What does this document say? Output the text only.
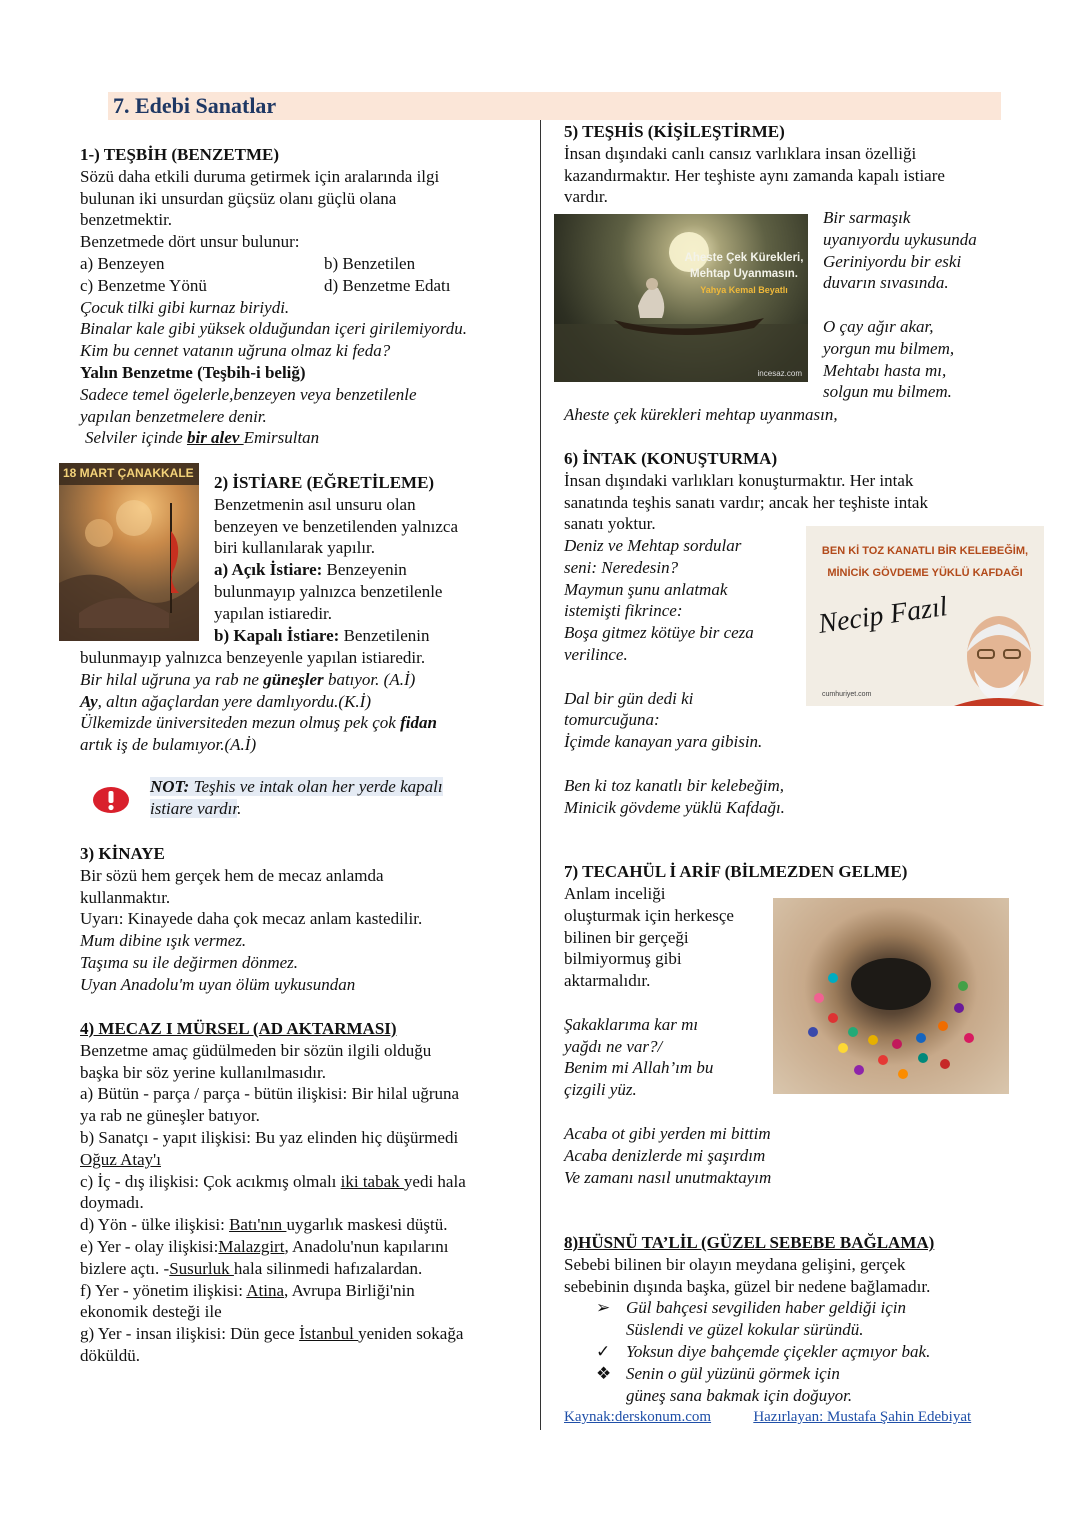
7. Edebi Sanatlar

1-) TEŞBİH (BENZETME)

Sözü daha etkili duruma getirmek için aralarında ilgi

bulunan iki unsurdan güçsüz olanı güçlü olana

benzetmektir.

Benzetmede dört unsur bulunur:

a) Benzeyen	b) Benzetilen

c) Benzetme Yönü	d) Benzetme Edatı

Çocuk tilki gibi kurnaz biriydi.

Binalar kale gibi yüksek olduğundan içeri girilemiyordu.

Kim bu cennet vatanın uğruna olmaz ki feda?

Yalın Benzetme (Teşbih-i beliğ)

Sadece temel ögelerle,benzeyen veya benzetilenle

yapılan benzetmelere denir.

Selviler içinde bir alev Emirsultan

18 MART ÇANAKKALE 2) İSTİARE (EĞRETİLEME)

Benzetmenin asıl unsuru olan

benzeyen ve benzetilenden yalnızca

biri kullanılarak yapılır.

a) Açık İstiare: Benzeyenin

bulunmayıp yalnızca benzetilenle

yapılan istiaredir.

b) Kapalı İstiare: Benzetilenin

bulunmayıp yalnızca benzeyenle yapılan istiaredir.

Bir hilal uğruna ya rab ne güneşler batıyor. (A.İ)

Ay, altın ağaçlardan yere damlıyordu.(K.İ)

Ülkemizde üniversiteden mezun olmuş pek çok fidan

artık iş de bulamıyor.(A.İ)

NOT: Teşhis ve intak olan her yerde kapalı

istiare vardır.

3) KİNAYE

Bir sözü hem gerçek hem de mecaz anlamda

kullanmaktır.

Uyarı: Kinayede daha çok mecaz anlam kastedilir.

Mum dibine ışık vermez.

Taşıma su ile değirmen dönmez.

Uyan Anadolu'm uyan ölüm uykusundan

4) MECAZ I MÜRSEL (AD AKTARMASI)

Benzetme amaç güdülmeden bir sözün ilgili olduğu

başka bir söz yerine kullanılmasıdır.

a) Bütün - parça / parça - bütün ilişkisi: Bir hilal uğruna

ya rab ne güneşler batıyor.

b) Sanatçı - yapıt ilişkisi: Bu yaz elinden hiç düşürmedi

Oğuz Atay'ı

c) İç - dış ilişkisi: Çok acıkmış olmalı iki tabak yedi hala

doymadı.

d) Yön - ülke ilişkisi: Batı'nın uygarlık maskesi düştü.

e) Yer - olay ilişkisi:Malazgirt, Anadolu'nun kapılarını

bizlere açtı. -Susurluk hala silinmedi hafızalardan.

f) Yer - yönetim ilişkisi: Atina, Avrupa Birliği'nin

ekonomik desteği ile

g) Yer - insan ilişkisi: Dün gece İstanbul yeniden sokağa

döküldü.

5) TEŞHİS (KİŞİLEŞTİRME)

İnsan dışındaki canlı cansız varlıklara insan özelliği

kazandırmaktır. Her teşhiste aynı zamanda kapalı istiare

vardır.

Aheste Çek Kürekleri,
Mehtap Uyanmasın.
Yahya Kemal Beyatlı
incesaz.com

Bir sarmaşık

uyanıyordu uykusunda

Geriniyordu bir eski

duvarın sıvasında.

O çay ağır akar,

yorgun mu bilmem,

Mehtabı hasta mı,

solgun mu bilmem.

Aheste çek kürekleri mehtap uyanmasın,

6) İNTAK (KONUŞTURMA)

İnsan dışındaki varlıkları konuşturmaktır. Her intak

sanatında teşhis sanatı vardır; ancak her teşhiste intak

sanatı yoktur.

Deniz ve Mehtap sordular

seni: Neredesin?

Maymun şunu anlatmak

istemişti fikrince:

Boşa gitmez kötüye bir ceza

verilince.

Dal bir gün dedi ki

tomurcuğuna:

İçimde kanayan yara gibisin.

Ben ki toz kanatlı bir kelebeğim,

Minicik gövdeme yüklü Kafdağı.

BEN Kİ TOZ KANATLI BİR KELEBEĞİM,
MİNİCİK GÖVDEME YÜKLÜ KAFDAĞI
Necip Fazıl
cumhuriyet.com

7) TECAHÜL İ ARİF (BİLMEZDEN GELME)

Anlam inceliği

oluşturmak için herkesçe

bilinen bir gerçeği

bilmiyormuş gibi

aktarmalıdır.

Şakaklarıma kar mı

yağdı ne var?/

Benim mi Allah’ım bu

çizgili yüz.

Acaba ot gibi yerden mi bittim

Acaba denizlerde mi şaşırdım

Ve zamanı nasıl unutmaktayım

8)HÜSNÜ TA’LİL (GÜZEL SEBEBE BAĞLAMA)

Sebebi bilinen bir olayın meydana gelişini, gerçek

sebebinin dışında başka, güzel bir nedene bağlamadır.

➢ Gül bahçesi sevgiliden haber geldiği için
Süslendi ve güzel kokular süründü.
✓ Yoksun diye bahçemde çiçekler açmıyor bak.
❖ Senin o gül yüzünü görmek için
güneş sana bakmak için doğuyor.
Kaynak:derskonum.com	Hazırlayan: Mustafa Şahin Edebiyat
